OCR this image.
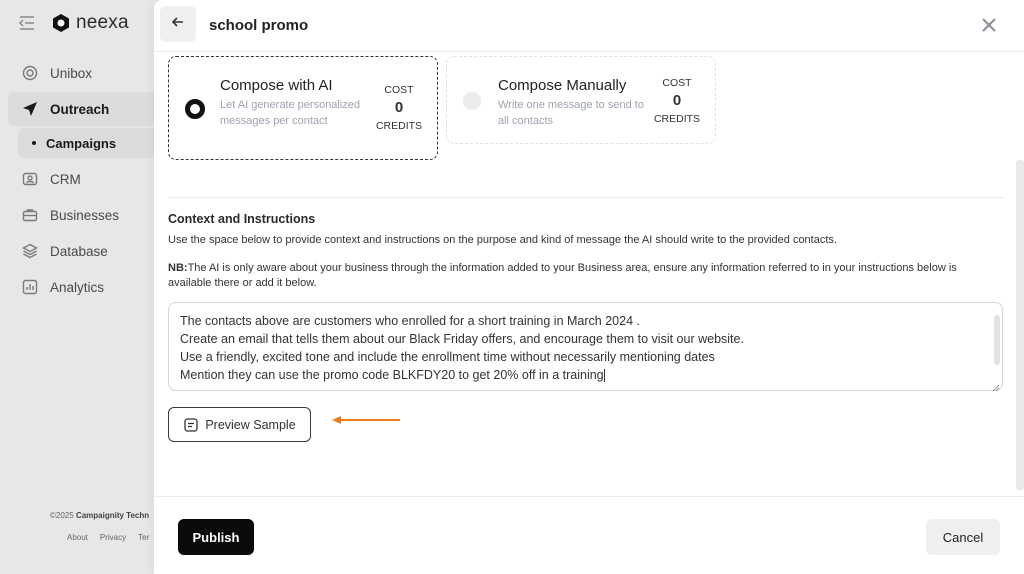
neexa
Unibox
Outreach
Campaigns
CRM
Businesses
Database
Analytics
©2025 Campaignity Techn
About Privacy Ter
school promo
Compose with AI
Let AI generate personalized messages per contact
COST
0
CREDITS
Compose Manually
Write one message to send to all contacts
COST
0
CREDITS
Context and Instructions
Use the space below to provide context and instructions on the purpose and kind of message the AI should write to the provided contacts.
NB:The AI is only aware about your business through the information added to your Business area, ensure any information referred to in your instructions below is available there or add it below.
The contacts above are customers who enrolled for a short training in March 2024 .
Create an email that tells them about our Black Friday offers, and encourage them to visit our website.
Use a friendly, excited tone and include the enrollment time without necessarily mentioning dates
Mention they can use the promo code BLKFDY20 to get 20% off in a training
Preview Sample
Publish	Cancel
